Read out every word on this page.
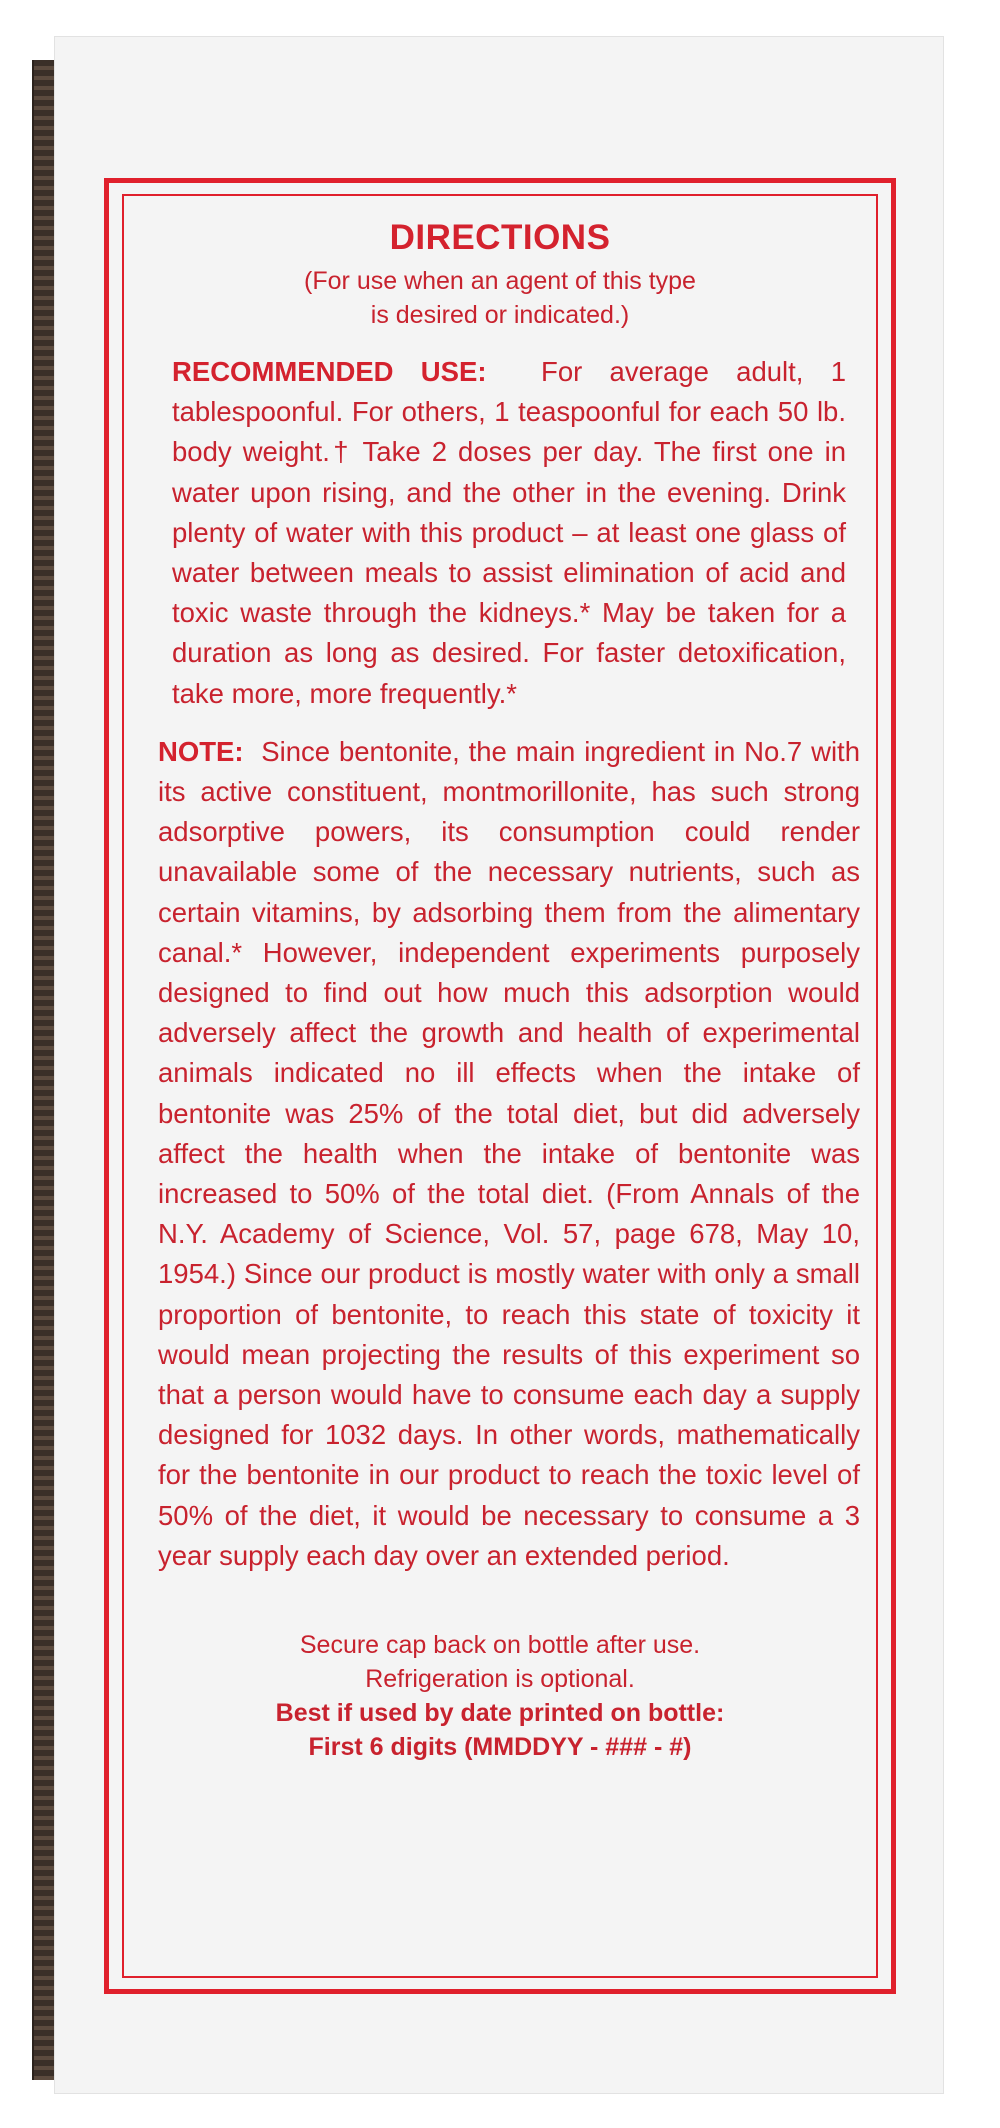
DIRECTIONS
(For use when an agent of this type
is desired or indicated.)
RECOMMENDED USE:  For average adult, 1 tablespoonful. For others, 1 teaspoonful for each 50 lb. body weight.† Take 2 doses per day. The first one in water upon rising, and the other in the evening. Drink plenty of water with this product – at least one glass of water between meals to assist elimination of acid and toxic waste through the kidneys.* May be taken for a duration as long as desired. For faster detoxification, take more, more frequently.*
NOTE:  Since bentonite, the main ingredient in No.7 with its active constituent, montmorillonite, has such strong adsorptive powers, its consumption could render unavailable some of the necessary nutrients, such as certain vitamins, by adsorbing them from the alimentary canal.* However, independent experiments purposely designed to find out how much this adsorption would adversely affect the growth and health of experimental animals indicated no ill effects when the intake of bentonite was 25% of the total diet, but did adversely affect the health when the intake of bentonite was increased to 50% of the total diet. (From Annals of the N.Y. Academy of Science, Vol. 57, page 678, May 10, 1954.) Since our product is mostly water with only a small proportion of bentonite, to reach this state of toxicity it would mean projecting the results of this experiment so that a person would have to consume each day a supply designed for 1032 days. In other words, mathematically for the bentonite in our product to reach the toxic level of 50% of the diet, it would be necessary to consume a 3 year supply each day over an extended period.
Secure cap back on bottle after use.
Refrigeration is optional.
Best if used by date printed on bottle:
First 6 digits (MMDDYY - ### - #)
